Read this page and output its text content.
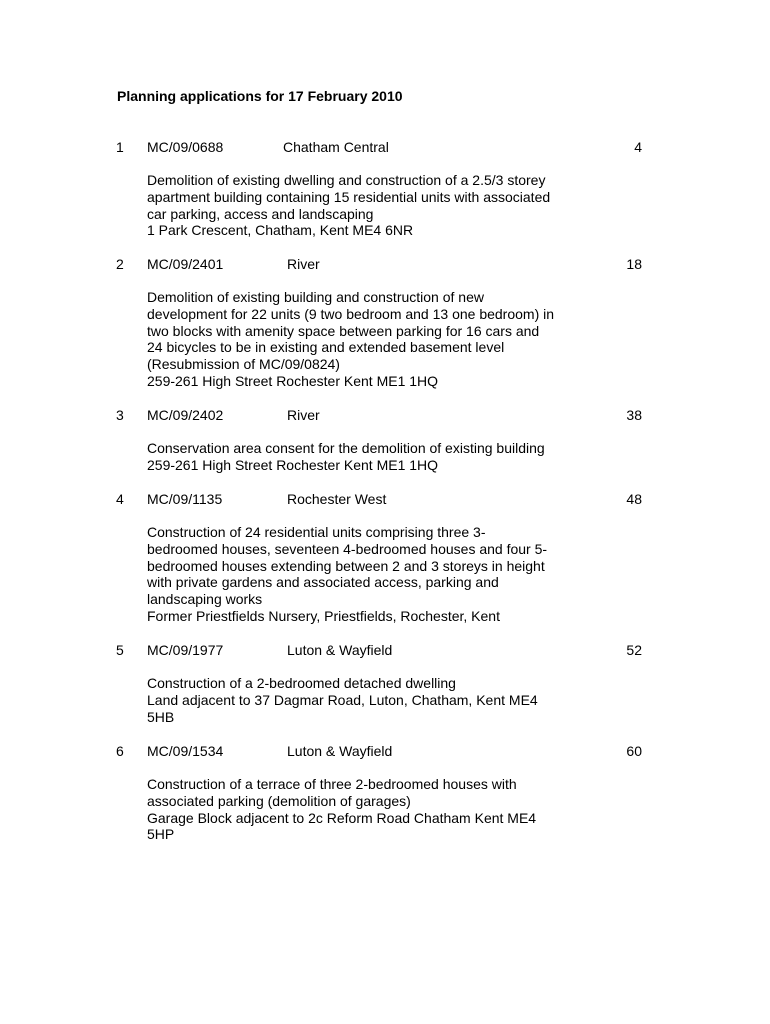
Planning applications for 17 February 2010
1 MC/09/0688	Chatham Central	4

Demolition of existing dwelling and construction of a 2.5/3 storey
apartment building containing 15 residential units with associated
car parking, access and landscaping

1 Park Crescent, Chatham, Kent ME4 6NR

2 MC/09/2401	River	18

Demolition of existing building and construction of new
development for 22 units (9 two bedroom and 13 one bedroom) in
two blocks with amenity space between parking for 16 cars and
24 bicycles to be in existing and extended basement level
(Resubmission of MC/09/0824)

259-261 High Street Rochester Kent ME1 1HQ

3 MC/09/2402	River	38

Conservation area consent for the demolition of existing building

259-261 High Street Rochester Kent ME1 1HQ

4 MC/09/1135	Rochester West	48

Construction of 24 residential units comprising three 3-
bedroomed houses, seventeen 4-bedroomed houses and four 5-
bedroomed houses extending between 2 and 3 storeys in height
with private gardens and associated access, parking and
landscaping works

Former Priestfields Nursery, Priestfields, Rochester, Kent

5 MC/09/1977	Luton & Wayfield	52

Construction of a 2-bedroomed detached dwelling

Land adjacent to 37 Dagmar Road, Luton, Chatham, Kent ME4
5HB

6 MC/09/1534	Luton & Wayfield	60

Construction of a terrace of three 2-bedroomed houses with
associated parking (demolition of garages)

Garage Block adjacent to 2c Reform Road Chatham Kent ME4
5HP
